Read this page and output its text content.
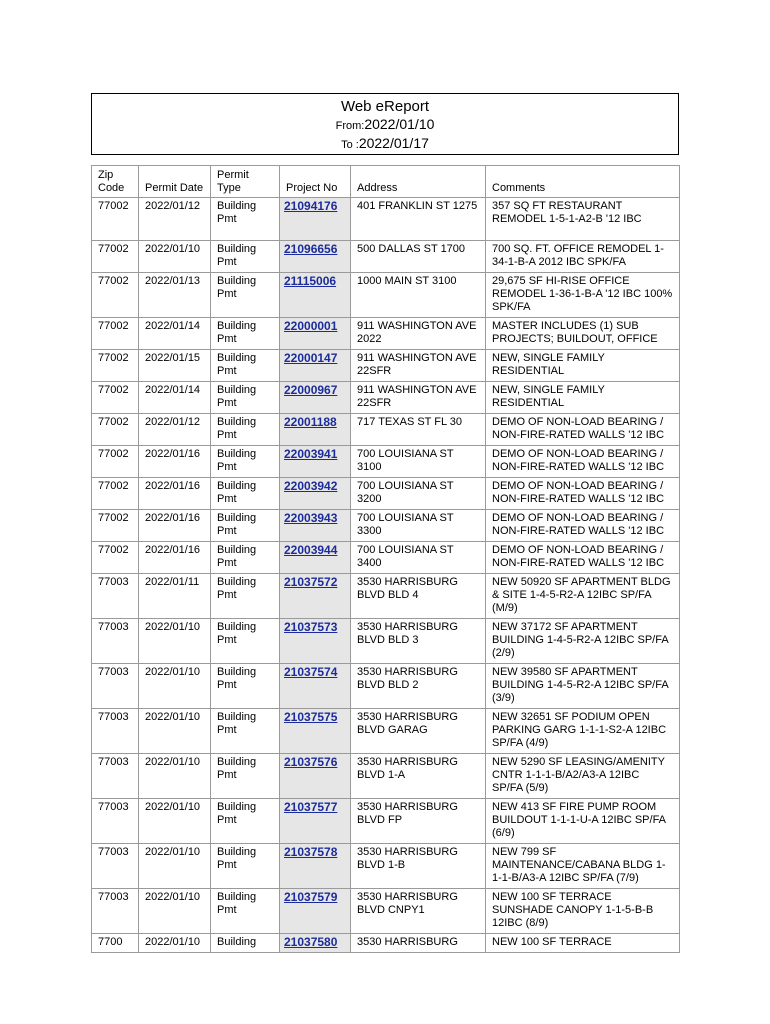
Web eReport
From:2022/01/10
To :2022/01/17
Zip Code	Permit Date	Permit Type	Project No	Address	Comments
77002	2022/01/12	Building Pmt	21094176	401 FRANKLIN ST 1275	357 SQ FT RESTAURANT REMODEL 1-5-1-A2-B '12 IBC
77002	2022/01/10	Building Pmt	21096656	500 DALLAS ST 1700	700 SQ. FT. OFFICE REMODEL 1-34-1-B-A 2012 IBC SPK/FA
77002	2022/01/13	Building Pmt	21115006	1000 MAIN ST 3100	29,675 SF HI-RISE OFFICE REMODEL 1-36-1-B-A '12 IBC 100% SPK/FA
77002	2022/01/14	Building Pmt	22000001	911 WASHINGTON AVE 2022	MASTER INCLUDES (1) SUB PROJECTS; BUILDOUT, OFFICE
77002	2022/01/15	Building Pmt	22000147	911 WASHINGTON AVE 22SFR	NEW, SINGLE FAMILY RESIDENTIAL
77002	2022/01/14	Building Pmt	22000967	911 WASHINGTON AVE 22SFR	NEW, SINGLE FAMILY RESIDENTIAL
77002	2022/01/12	Building Pmt	22001188	717 TEXAS ST FL 30	DEMO OF NON-LOAD BEARING / NON-FIRE-RATED WALLS '12 IBC
77002	2022/01/16	Building Pmt	22003941	700 LOUISIANA ST 3100	DEMO OF NON-LOAD BEARING / NON-FIRE-RATED WALLS '12 IBC
77002	2022/01/16	Building Pmt	22003942	700 LOUISIANA ST 3200	DEMO OF NON-LOAD BEARING / NON-FIRE-RATED WALLS '12 IBC
77002	2022/01/16	Building Pmt	22003943	700 LOUISIANA ST 3300	DEMO OF NON-LOAD BEARING / NON-FIRE-RATED WALLS '12 IBC
77002	2022/01/16	Building Pmt	22003944	700 LOUISIANA ST 3400	DEMO OF NON-LOAD BEARING / NON-FIRE-RATED WALLS '12 IBC
77003	2022/01/11	Building Pmt	21037572	3530 HARRISBURG BLVD BLD 4	NEW 50920 SF APARTMENT BLDG & SITE 1-4-5-R2-A 12IBC SP/FA (M/9)
77003	2022/01/10	Building Pmt	21037573	3530 HARRISBURG BLVD BLD 3	NEW 37172 SF APARTMENT BUILDING 1-4-5-R2-A 12IBC SP/FA (2/9)
77003	2022/01/10	Building Pmt	21037574	3530 HARRISBURG BLVD BLD 2	NEW 39580 SF APARTMENT BUILDING 1-4-5-R2-A 12IBC SP/FA (3/9)
77003	2022/01/10	Building Pmt	21037575	3530 HARRISBURG BLVD GARAG	NEW 32651 SF PODIUM OPEN PARKING GARG 1-1-1-S2-A 12IBC SP/FA (4/9)
77003	2022/01/10	Building Pmt	21037576	3530 HARRISBURG BLVD 1-A	NEW 5290 SF LEASING/AMENITY CNTR 1-1-1-B/A2/A3-A 12IBC SP/FA (5/9)
77003	2022/01/10	Building Pmt	21037577	3530 HARRISBURG BLVD FP	NEW 413 SF FIRE PUMP ROOM BUILDOUT 1-1-1-U-A 12IBC SP/FA (6/9)
77003	2022/01/10	Building Pmt	21037578	3530 HARRISBURG BLVD 1-B	NEW 799 SF MAINTENANCE/CABANA BLDG 1-1-1-B/A3-A 12IBC SP/FA (7/9)
77003	2022/01/10	Building Pmt	21037579	3530 HARRISBURG BLVD CNPY1	NEW 100 SF TERRACE SUNSHADE CANOPY 1-1-5-B-B 12IBC (8/9)
7700	2022/01/10	Building	21037580	3530 HARRISBURG	NEW 100 SF TERRACE
